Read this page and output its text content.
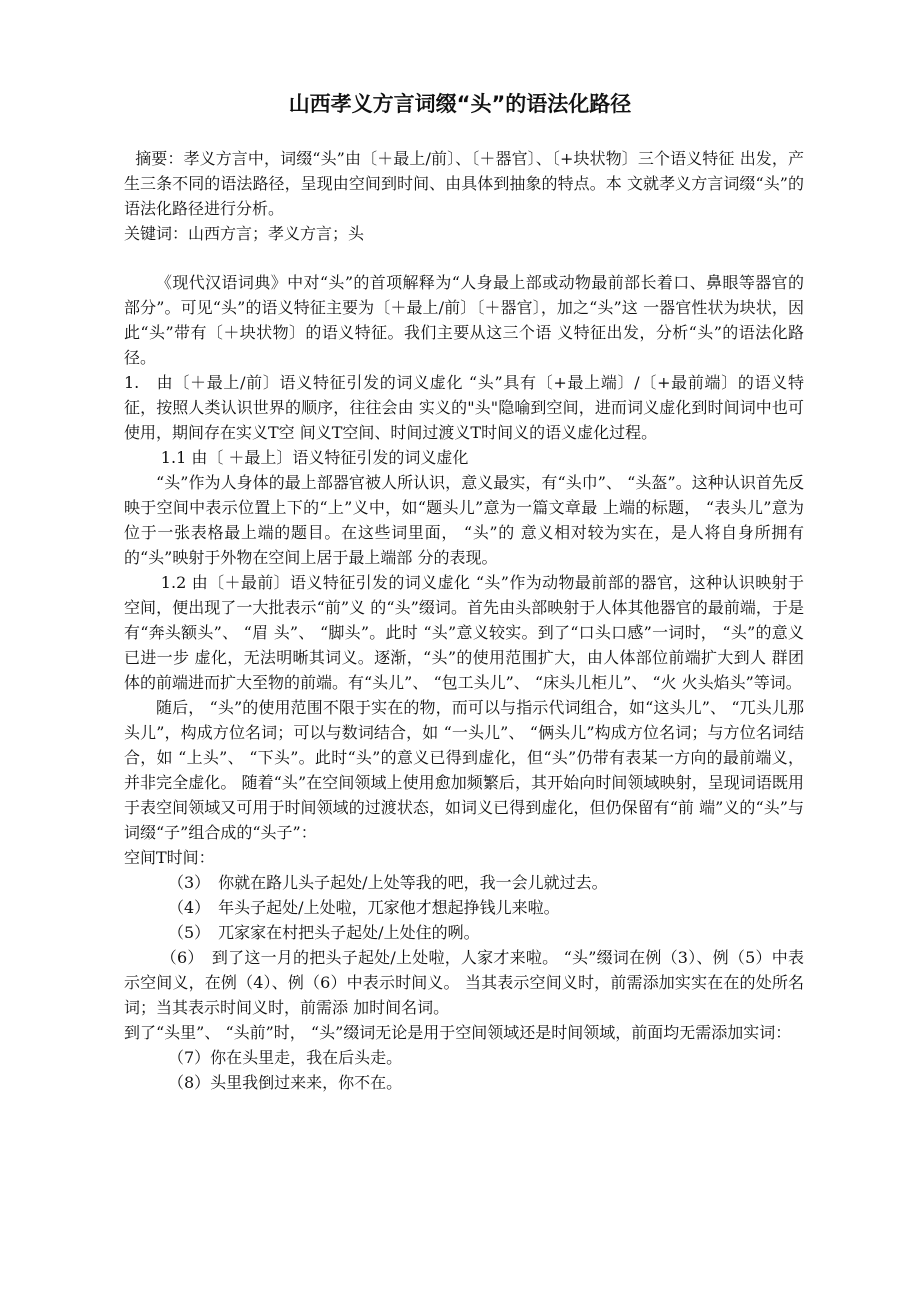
山西孝义方言词缀“头”的语法化路径

摘要：孝义方言中，词缀“头”由〔＋最上/前〕、〔＋器官〕、〔+块状物〕三个语义特征 出发，产生三条不同的语法路径，呈现由空间到时间、由具体到抽象的特点。本 文就孝义方言词缀“头”的语法化路径进行分析。

关键词：山西方言；孝义方言；头

《现代汉语词典》中对“头”的首项解释为“人身最上部或动物最前部长着口、鼻眼等器官的部分”。可见“头”的语义特征主要为〔＋最上/前〕〔＋器官〕，加之“头”这 一器官性状为块状，因此“头”带有〔＋块状物〕的语义特征。我们主要从这三个语 义特征出发，分析“头”的语法化路径。

1.　由〔＋最上/前〕语义特征引发的词义虚化 “头”具有〔+最上端〕/〔+最前端〕的语义特征，按照人类认识世界的顺序，往往会由 实义的"头"隐喻到空间，进而词义虚化到时间词中也可使用，期间存在实义T空 间义T空间、时间过渡义T时间义的语义虚化过程。

1.1 由〔 ＋最上〕语义特征引发的词义虚化

“头”作为人身体的最上部器官被人所认识，意义最实，有“头巾”、 “头盔”。这种认识首先反映于空间中表示位置上下的“上”义中，如“题头儿”意为一篇文章最 上端的标题， “表头儿”意为位于一张表格最上端的题目。在这些词里面， “头”的 意义相对较为实在，是人将自身所拥有的“头”映射于外物在空间上居于最上端部 分的表现。

1.2 由〔＋最前〕语义特征引发的词义虚化 “头”作为动物最前部的器官，这种认识映射于空间，便出现了一大批表示“前”义 的“头”缀词。首先由头部映射于人体其他器官的最前端，于是有“奔头额头”、 “眉 头”、 “脚头”。此时 “头”意义较实。到了“口头口感”一词时， “头”的意义已进一步 虚化，无法明晰其词义。逐渐，“头”的使用范围扩大，由人体部位前端扩大到人 群团体的前端进而扩大至物的前端。有“头儿”、 “包工头儿”、 “床头儿柜儿”、 “火 火头焰头”等词。

随后， “头”的使用范围不限于实在的物，而可以与指示代词组合，如“这头儿”、 “兀头儿那头儿”，构成方位名词；可以与数词结合，如 “一头儿”、 “俩头儿”构成方位名词；与方位名词结合，如 “上头”、 “下头”。此时“头”的意义已得到虚化，但“头”仍带有表某一方向的最前端义，并非完全虚化。 随着“头”在空间领域上使用愈加频繁后，其开始向时间领域映射，呈现词语既用 于表空间领域又可用于时间领域的过渡状态，如词义已得到虚化，但仍保留有“前 端”义的“头”与词缀“子”组合成的“头子”：

空间T时间：

（3）　你就在路儿头子起处/上处等我的吧，我一会儿就过去。

（4）　年头子起处/上处啦，兀家他才想起挣钱儿来啦。

（5）　兀家家在村把头子起处/上处住的咧。

（6）　到了这一月的把头子起处/上处啦，人家才来啦。 “头”缀词在例（3）、例（5）中表示空间义，在例（4）、例（6）中表示时间义。 当其表示空间义时，前需添加实实在在的处所名词；当其表示时间义时，前需添 加时间名词。

到了“头里”、 “头前”时， “头”缀词无论是用于空间领域还是时间领域，前面均无需添加实词：

（7）你在头里走，我在后头走。

（8）头里我倒过来来，你不在。
